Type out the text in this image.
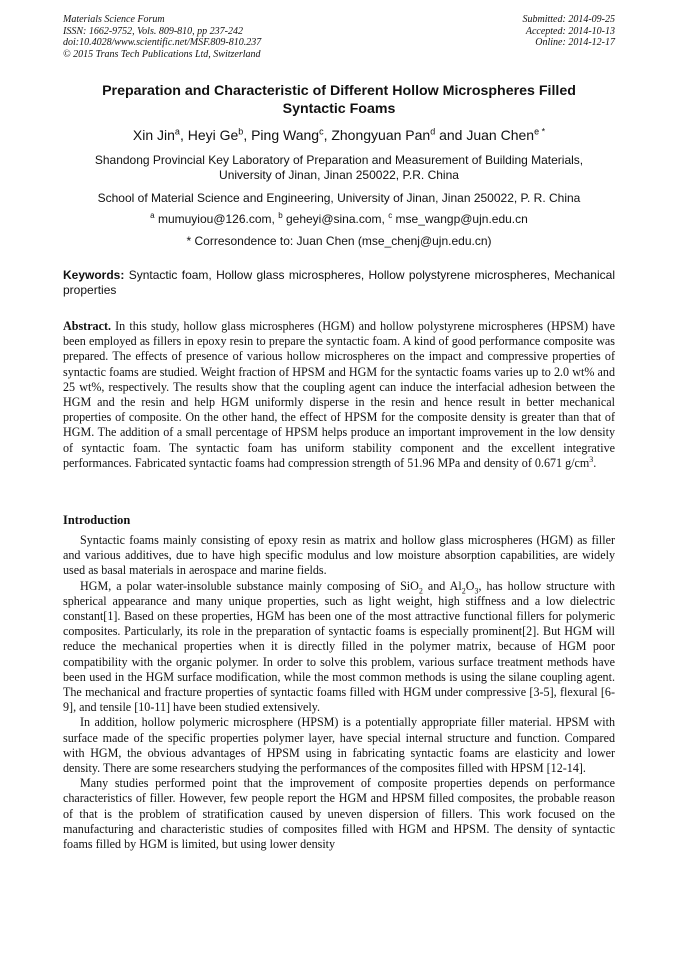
Materials Science Forum
ISSN: 1662-9752, Vols. 809-810, pp 237-242
doi:10.4028/www.scientific.net/MSF.809-810.237
© 2015 Trans Tech Publications Ltd, Switzerland
Submitted: 2014-09-25
Accepted: 2014-10-13
Online: 2014-12-17
Preparation and Characteristic of Different Hollow Microspheres Filled
Syntactic Foams
Xin Jin$^a$, Heyi Ge$^b$, Ping Wang$^c$, Zhongyuan Pan$^d$ and Juan Chen$^{e *}$
Shandong Provincial Key Laboratory of Preparation and Measurement of Building Materials,
University of Jinan, Jinan 250022, P.R. China
School of Material Science and Engineering, University of Jinan, Jinan 250022, P. R. China
$^a$ mumuyiou@126.com, $^b$ geheyi@sina.com, $^c$ mse_wangp@ujn.edu.cn
* Corresondence to: Juan Chen (mse_chenj@ujn.edu.cn)
Keywords: Syntactic foam, Hollow glass microspheres, Hollow polystyrene microspheres, Mechanical properties
Abstract. In this study, hollow glass microspheres (HGM) and hollow polystyrene microspheres (HPSM) have been employed as fillers in epoxy resin to prepare the syntactic foam. A kind of good performance composite was prepared. The effects of presence of various hollow microspheres on the impact and compressive properties of syntactic foams are studied. Weight fraction of HPSM and HGM for the syntactic foams varies up to 2.0 wt% and 25 wt%, respectively. The results show that the coupling agent can induce the interfacial adhesion between the HGM and the resin and help HGM uniformly disperse in the resin and hence result in better mechanical properties of composite. On the other hand, the effect of HPSM for the composite density is greater than that of HGM. The addition of a small percentage of HPSM helps produce an important improvement in the low density of syntactic foam. The syntactic foam has uniform stability component and the excellent integrative performances. Fabricated syntactic foams had compression strength of 51.96 MPa and density of 0.671 $g/cm^3$.
Introduction

Syntactic foams mainly consisting of epoxy resin as matrix and hollow glass microspheres (HGM) as filler and various additives, due to have high specific modulus and low moisture absorption capabilities, are widely used as basal materials in aerospace and marine fields.

HGM, a polar water-insoluble substance mainly composing of SiO$_2$ and $Al_2O_3$, has hollow structure with spherical appearance and many unique properties, such as light weight, high stiffness and a low dielectric constant[1]. Based on these properties, HGM has been one of the most attractive functional fillers for polymeric composites. Particularly, its role in the preparation of syntactic foams is especially prominent[2]. But HGM will reduce the mechanical properties when it is directly filled in the polymer matrix, because of HGM poor compatibility with the organic polymer. In order to solve this problem, various surface treatment methods have been used in the HGM surface modification, while the most common methods is using the silane coupling agent. The mechanical and fracture properties of syntactic foams filled with HGM under compressive [3-5], flexural [6-9], and tensile [10-11] have been studied extensively.

In addition, hollow polymeric microsphere (HPSM) is a potentially appropriate filler material. HPSM with surface made of the specific properties polymer layer, have special internal structure and function. Compared with HGM, the obvious advantages of HPSM using in fabricating syntactic foams are elasticity and lower density. There are some researchers studying the performances of the composites filled with HPSM [12-14].

Many studies performed point that the improvement of composite properties depends on performance characteristics of filler. However, few people report the HGM and HPSM filled composites, the probable reason of that is the problem of stratification caused by uneven dispersion of fillers. This work focused on the manufacturing and characteristic studies of composites filled with HGM and HPSM. The density of syntactic foams filled by HGM is limited, but using lower density
